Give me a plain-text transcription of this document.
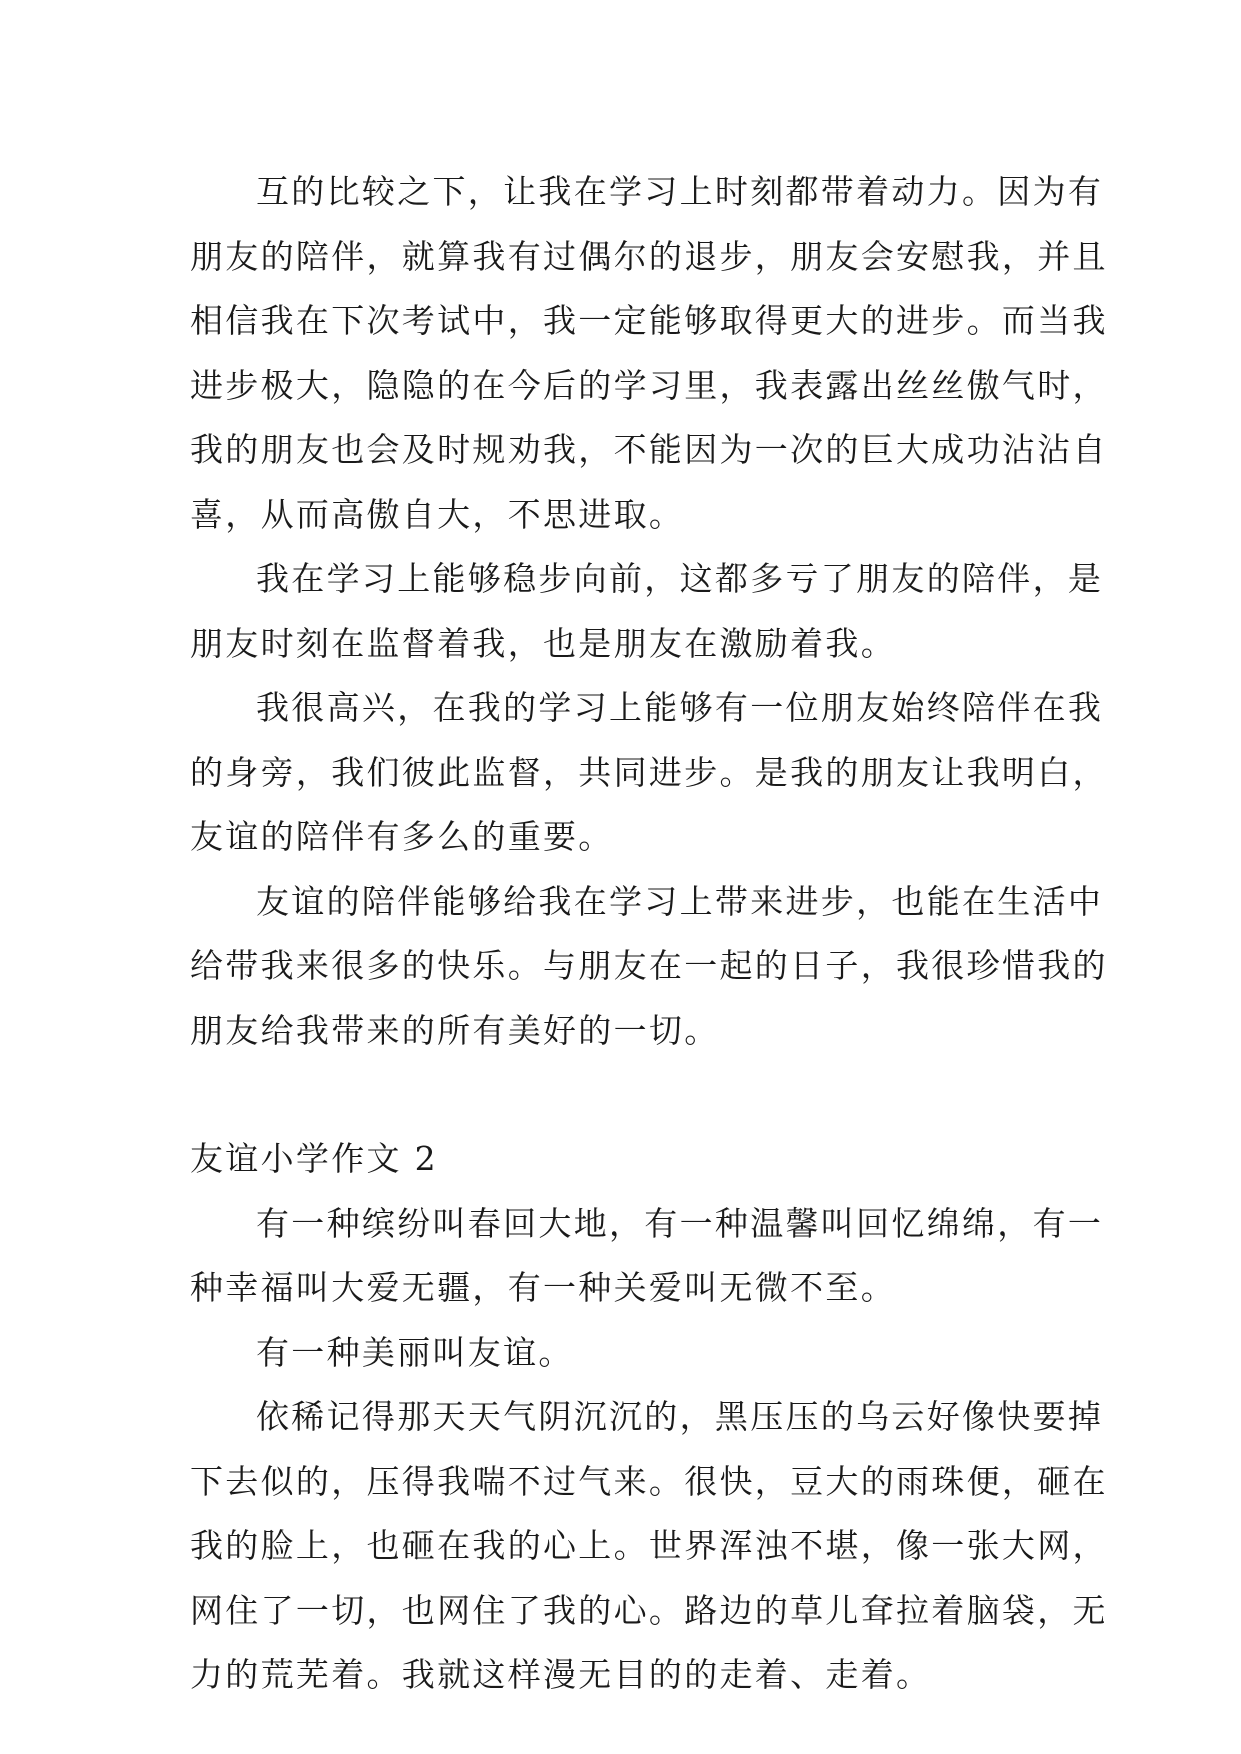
互的比较之下，让我在学习上时刻都带着动力。因为有
朋友的陪伴，就算我有过偶尔的退步，朋友会安慰我，并且
相信我在下次考试中，我一定能够取得更大的进步。而当我
进步极大，隐隐的在今后的学习里，我表露出丝丝傲气时，
我的朋友也会及时规劝我，不能因为一次的巨大成功沾沾自
喜，从而高傲自大，不思进取。

我在学习上能够稳步向前，这都多亏了朋友的陪伴，是
朋友时刻在监督着我，也是朋友在激励着我。

我很高兴，在我的学习上能够有一位朋友始终陪伴在我
的身旁，我们彼此监督，共同进步。是我的朋友让我明白，
友谊的陪伴有多么的重要。

友谊的陪伴能够给我在学习上带来进步，也能在生活中
给带我来很多的快乐。与朋友在一起的日子，我很珍惜我的
朋友给我带来的所有美好的一切。

友谊小学作文 2

有一种缤纷叫春回大地，有一种温馨叫回忆绵绵，有一
种幸福叫大爱无疆，有一种关爱叫无微不至。

有一种美丽叫友谊。

依稀记得那天天气阴沉沉的，黑压压的乌云好像快要掉
下去似的，压得我喘不过气来。很快，豆大的雨珠便，砸在
我的脸上，也砸在我的心上。世界浑浊不堪，像一张大网，
网住了一切，也网住了我的心。路边的草儿耷拉着脑袋，无
力的荒芜着。我就这样漫无目的的走着、走着。
